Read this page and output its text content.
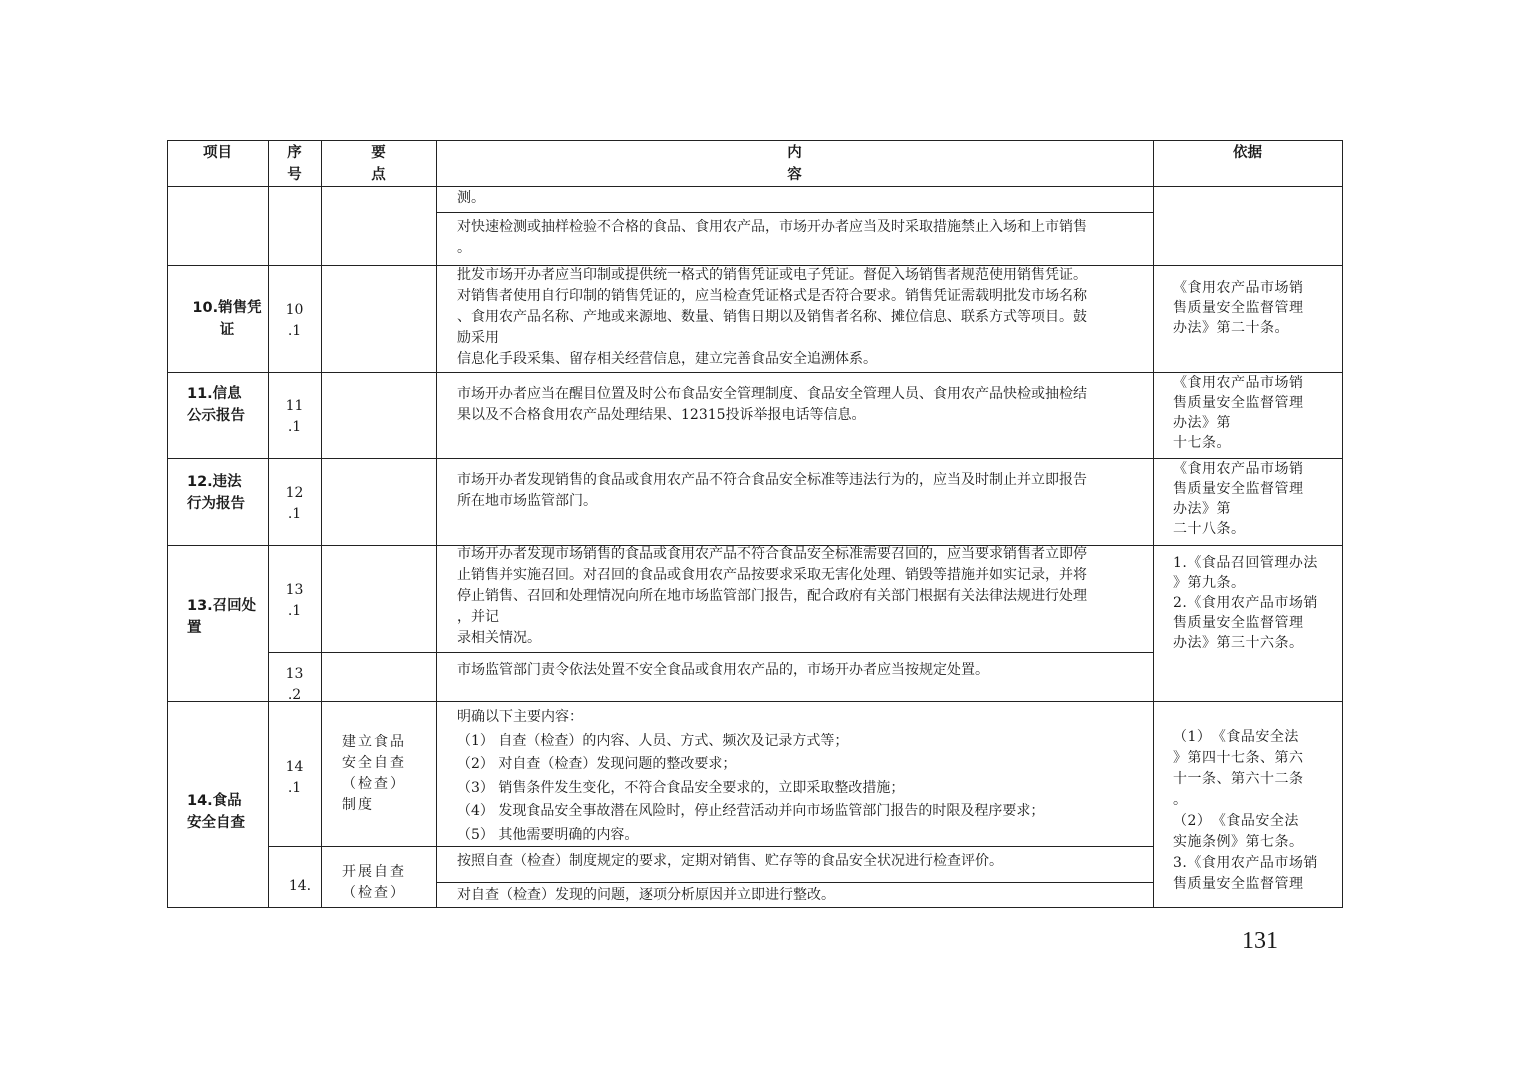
项目	序
号
要
点
内
容
依据
测。
对快速检测或抽样检验不合格的食品、食用农产品，市场开办者应当及时采取措施禁止入场和上市销售
。
10.销售凭
证
10
.1
批发市场开办者应当印制或提供统一格式的销售凭证或电子凭证。督促入场销售者规范使用销售凭证。
对销售者使用自行印制的销售凭证的，应当检查凭证格式是否符合要求。销售凭证需载明批发市场名称
、食用农产品名称、产地或来源地、数量、销售日期以及销售者名称、摊位信息、联系方式等项目。鼓
励采用
信息化手段采集、留存相关经营信息，建立完善食品安全追溯体系。
《食用农产品市场销
售质量安全监督管理
办法》第二十条。
11.信息
公示报告
11
.1
市场开办者应当在醒目位置及时公布食品安全管理制度、食品安全管理人员、食用农产品快检或抽检结
果以及不合格食用农产品处理结果、12315投诉举报电话等信息。
《食用农产品市场销
售质量安全监督管理
办法》第
十七条。
12.违法
行为报告
12
.1
市场开办者发现销售的食品或食用农产品不符合食品安全标准等违法行为的，应当及时制止并立即报告
所在地市场监管部门。
《食用农产品市场销
售质量安全监督管理
办法》第
二十八条。
13.召回处
置
13
.1
市场开办者发现市场销售的食品或食用农产品不符合食品安全标准需要召回的，应当要求销售者立即停
止销售并实施召回。对召回的食品或食用农产品按要求采取无害化处理、销毁等措施并如实记录，并将
停止销售、召回和处理情况向所在地市场监管部门报告，配合政府有关部门根据有关法律法规进行处理
，并记
录相关情况。
13
.2
市场监管部门责令依法处置不安全食品或食用农产品的，市场开办者应当按规定处置。
1.《食品召回管理办法
》第九条。
2.《食用农产品市场销
售质量安全监督管理
办法》第三十六条。
14.食品
安全自查
14
.1
建立食品
安全自查
（检查）
制度
明确以下主要内容：
（1） 自查（检查）的内容、人员、方式、频次及记录方式等；
（2） 对自查（检查）发现问题的整改要求；
（3） 销售条件发生变化，不符合食品安全要求的，立即采取整改措施；
（4） 发现食品安全事故潜在风险时，停止经营活动并向市场监管部门报告的时限及程序要求；
（5） 其他需要明确的内容。
14.
开展自查
（检查）
按照自查（检查）制度规定的要求，定期对销售、贮存等的食品安全状况进行检查评价。
对自查（检查）发现的问题，逐项分析原因并立即进行整改。
（1）　《食品安全法
》第四十七条、第六
十一条、第六十二条
。
（2）　《食品安全法
实施条例》第七条。
3.《食用农产品市场销
售质量安全监督管理
131
